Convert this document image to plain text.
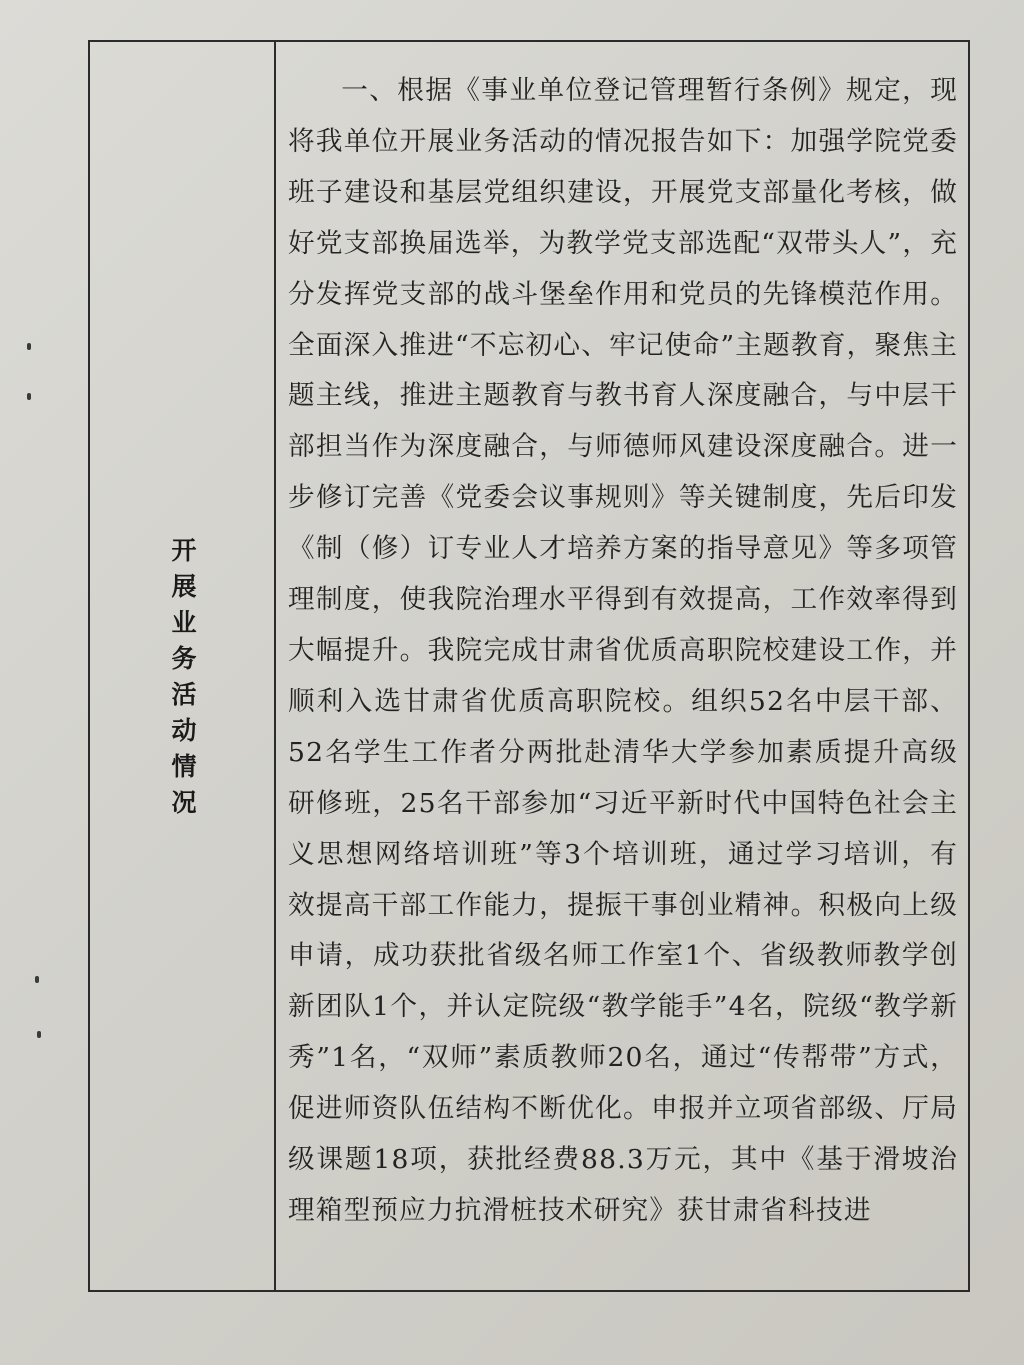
开展业务活动情况

一、根据《事业单位登记管理暂行条例》规定，现将我单位开展业务活动的情况报告如下：加强学院党委班子建设和基层党组织建设，开展党支部量化考核，做好党支部换届选举，为教学党支部选配“双带头人”，充分发挥党支部的战斗堡垒作用和党员的先锋模范作用。全面深入推进“不忘初心、牢记使命”主题教育，聚焦主题主线，推进主题教育与教书育人深度融合，与中层干部担当作为深度融合，与师德师风建设深度融合。进一步修订完善《党委会议事规则》等关键制度，先后印发《制（修）订专业人才培养方案的指导意见》等多项管理制度，使我院治理水平得到有效提高，工作效率得到大幅提升。我院完成甘肃省优质高职院校建设工作，并顺利入选甘肃省优质高职院校。组织52名中层干部、52名学生工作者分两批赴清华大学参加素质提升高级研修班，25名干部参加“习近平新时代中国特色社会主义思想网络培训班”等3个培训班，通过学习培训，有效提高干部工作能力，提振干事创业精神。积极向上级申请，成功获批省级名师工作室1个、省级教师教学创新团队1个，并认定院级“教学能手”4名，院级“教学新秀”1名，“双师”素质教师20名，通过“传帮带”方式，促进师资队伍结构不断优化。申报并立项省部级、厅局级课题18项，获批经费88.3万元，其中《基于滑坡治理箱型预应力抗滑桩技术研究》获甘肃省科技进
